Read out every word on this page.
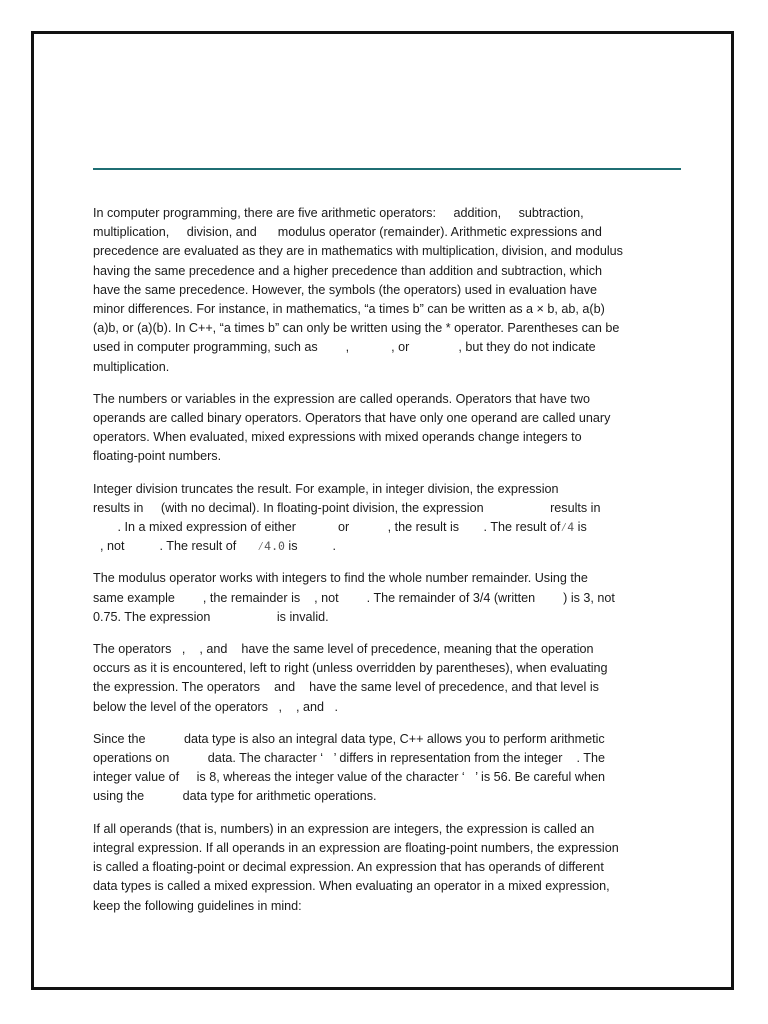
In computer programming, there are five arithmetic operators:     addition,     subtraction,
multiplication,     division, and      modulus operator (remainder). Arithmetic expressions and
precedence are evaluated as they are in mathematics with multiplication, division, and modulus
having the same precedence and a higher precedence than addition and subtraction, which
have the same precedence. However, the symbols (the operators) used in evaluation have
minor differences. For instance, in mathematics, “a times b” can be written as a × b, ab, a(b)
(a)b, or (a)(b). In C++, “a times b” can only be written using the * operator. Parentheses can be
used in computer programming, such as        ,            , or              , but they do not indicate
multiplication.

The numbers or variables in the expression are called operands. Operators that have two
operands are called binary operators. Operators that have only one operand are called unary
operators. When evaluated, mixed expressions with mixed operands change integers to
floating-point numbers.

Integer division truncates the result. For example, in integer division, the expression
results in     (with no decimal). In floating-point division, the expression                   results in
. In a mixed expression of either            or           , the result is       . The result of⁄4 is
, not          . The result of      ⁄4.0 is          .

The modulus operator works with integers to find the whole number remainder. Using the
same example        , the remainder is    , not        . The remainder of 3/4 (written        ) is 3, not
0.75. The expression                   is invalid.

The operators   ,    , and    have the same level of precedence, meaning that the operation
occurs as it is encountered, left to right (unless overridden by parentheses), when evaluating
the expression. The operators    and    have the same level of precedence, and that level is
below the level of the operators   ,    , and   .

Since the           data type is also an integral data type, C++ allows you to perform arithmetic
operations on           data. The character ‘   ’ differs in representation from the integer    . The
integer value of     is 8, whereas the integer value of the character ‘   ’ is 56. Be careful when
using the           data type for arithmetic operations.

If all operands (that is, numbers) in an expression are integers, the expression is called an
integral expression. If all operands in an expression are floating-point numbers, the expression
is called a floating-point or decimal expression. An expression that has operands of different
data types is called a mixed expression. When evaluating an operator in a mixed expression,
keep the following guidelines in mind:
